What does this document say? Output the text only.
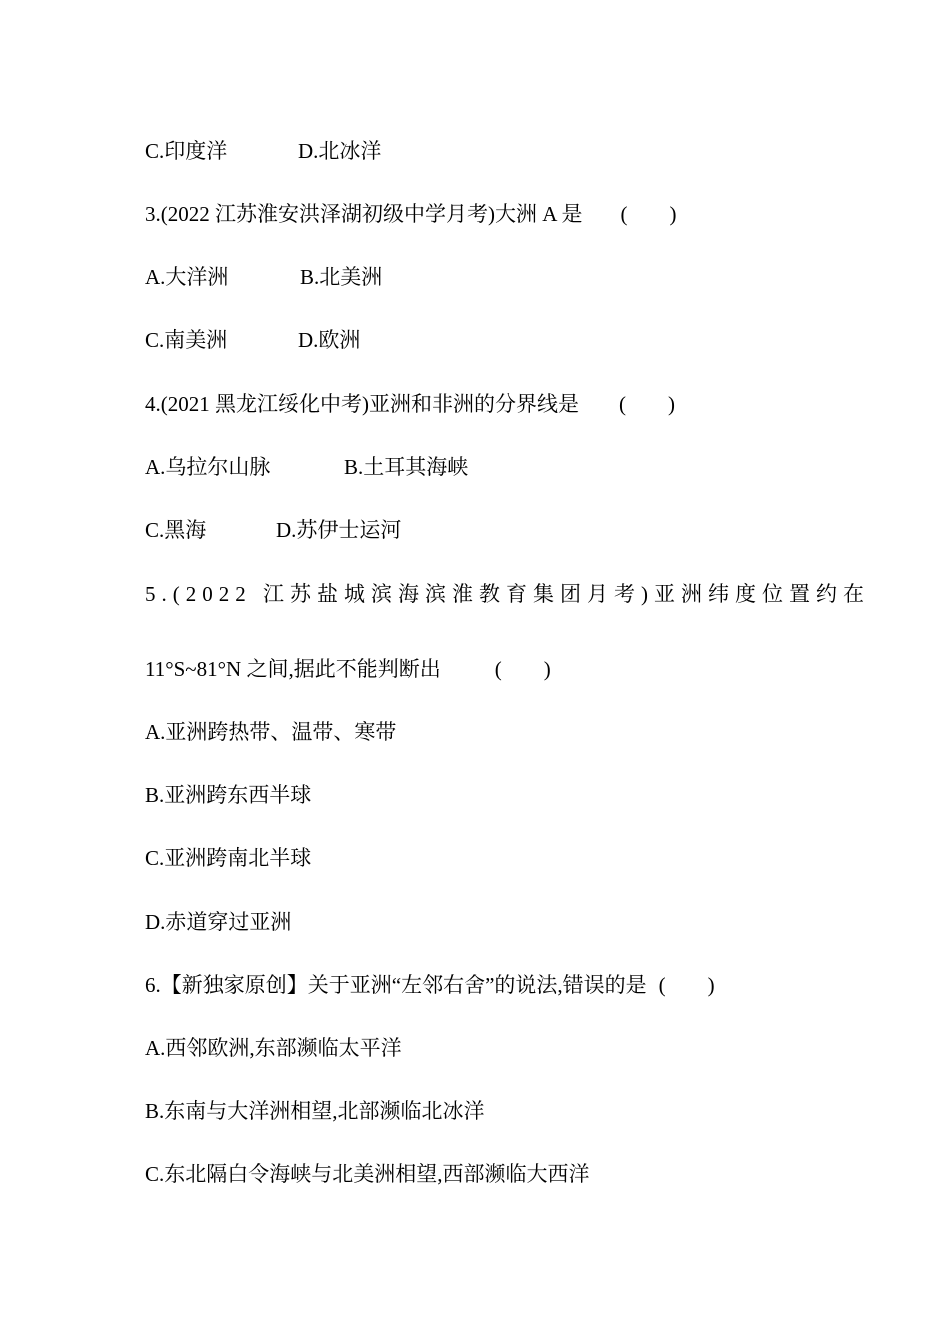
C.印度洋	D.北冰洋
3.(2022 江苏淮安洪泽湖初级中学月考)大洲 A 是 (　　)
A.大洋洲	B.北美洲
C.南美洲	D.欧洲
4.(2021 黑龙江绥化中考)亚洲和非洲的分界线是 (　　)
A.乌拉尔山脉	B.土耳其海峡
C.黑海	D.苏伊士运河
5.(2022 江苏盐城滨海滨淮教育集团月考)亚洲纬度位置约在
11°S~81°N 之间,据此不能判断出	(　　)
A.亚洲跨热带、温带、寒带
B.亚洲跨东西半球
C.亚洲跨南北半球
D.赤道穿过亚洲
6.【新独家原创】关于亚洲“左邻右舍”的说法,错误的是 (　　)
A.西邻欧洲,东部濒临太平洋
B.东南与大洋洲相望,北部濒临北冰洋
C.东北隔白令海峡与北美洲相望,西部濒临大西洋
